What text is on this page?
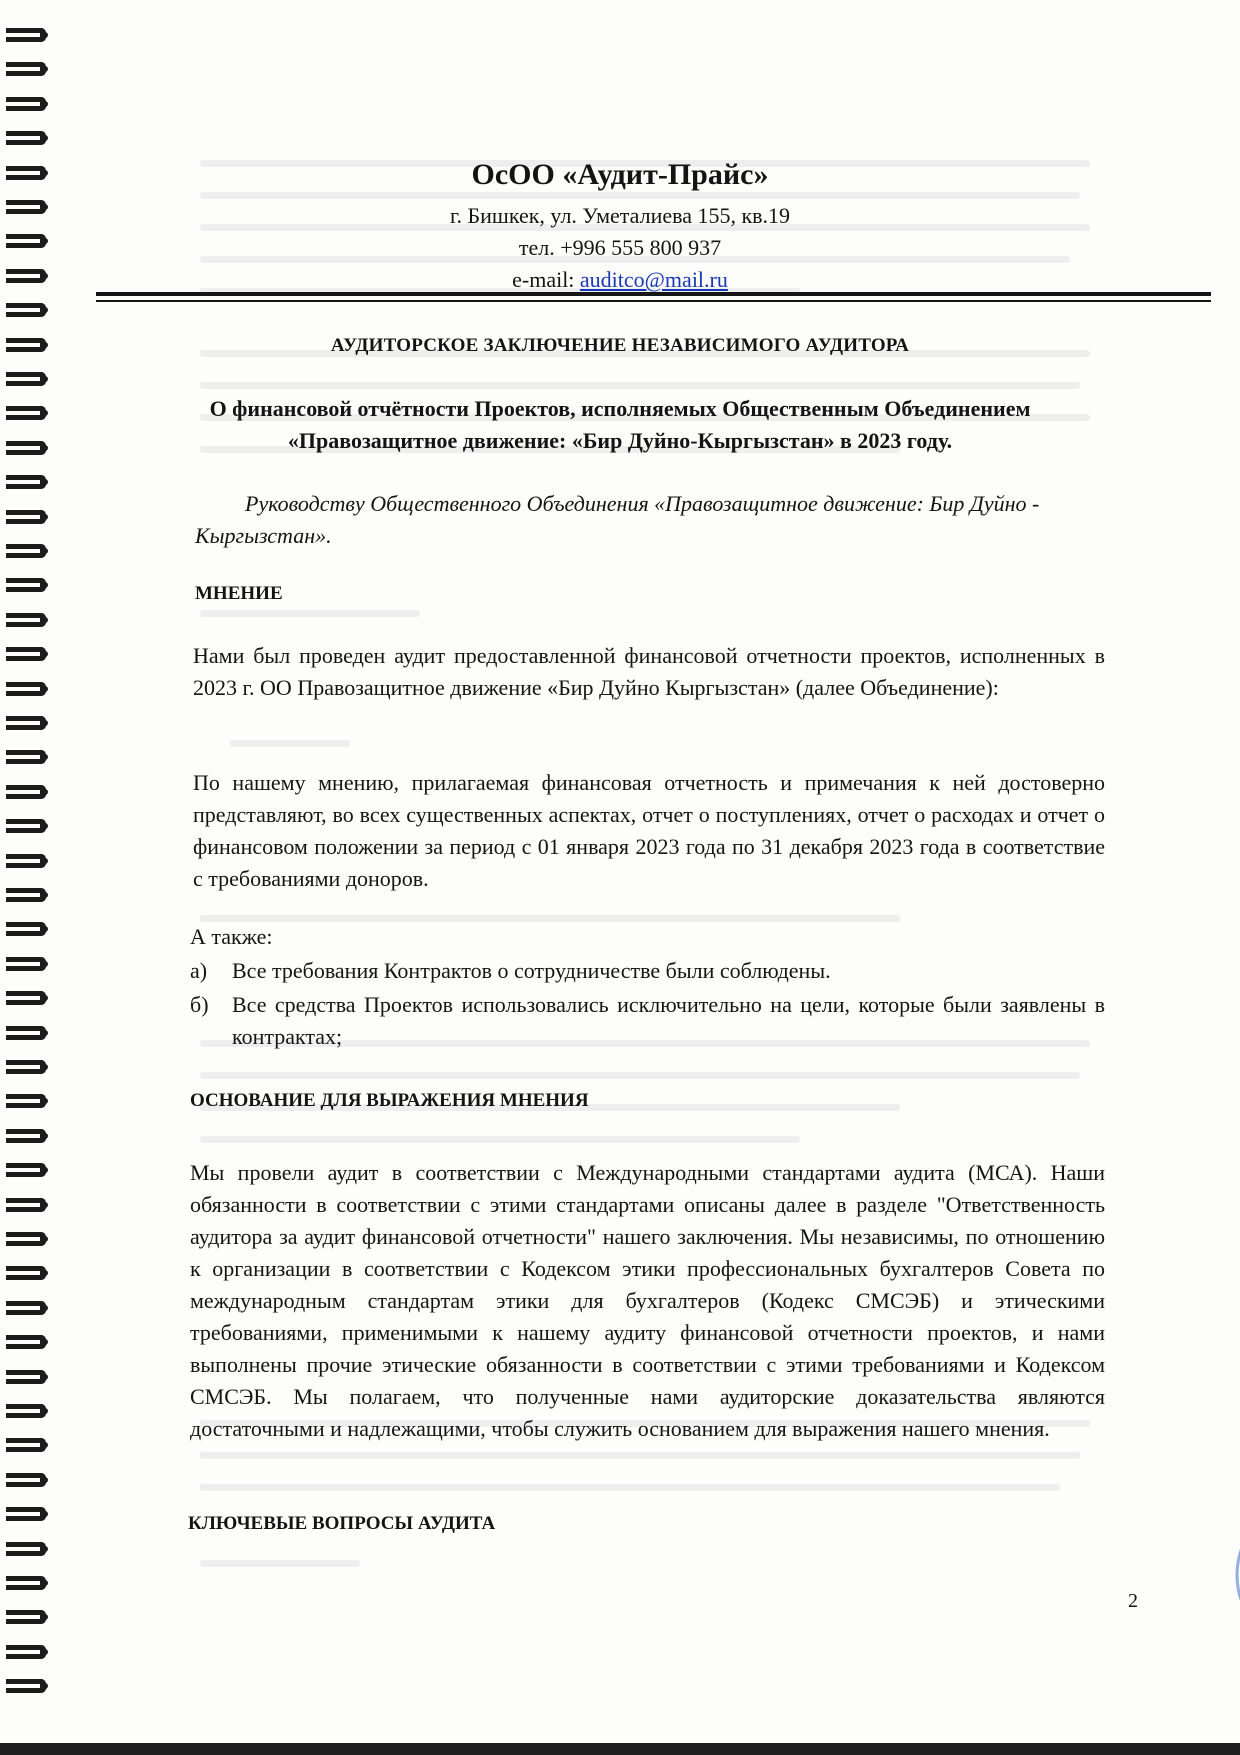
ОсОО «Аудит-Прайс»
г. Бишкек, ул. Уметалиева 155, кв.19
тел. +996 555 800 937
e-mail: auditco@mail.ru
АУДИТОРСКОЕ ЗАКЛЮЧЕНИЕ НЕЗАВИСИМОГО АУДИТОРА
О финансовой отчётности Проектов, исполняемых Общественным Объединением
«Правозащитное движение: «Бир Дуйно-Кыргызстан» в 2023 году.
Руководству Общественного Объединения «Правозащитное движение: Бир Дуйно - Кыргызстан».
МНЕНИЕ
Нами был проведен аудит предоставленной финансовой отчетности проектов, исполненных в 2023 г. ОО Правозащитное движение «Бир Дуйно Кыргызстан» (далее Объединение):
По нашему мнению, прилагаемая финансовая отчетность и примечания к ней достоверно представляют, во всех существенных аспектах, отчет о поступлениях, отчет о расходах и отчет о финансовом положении за период с 01 января 2023 года по 31 декабря 2023 года в соответствие с требованиями доноров.
А также:
а) Все требования Контрактов о сотрудничестве были соблюдены.
б) Все средства Проектов использовались исключительно на цели, которые были заявлены в контрактах;
ОСНОВАНИЕ ДЛЯ ВЫРАЖЕНИЯ МНЕНИЯ
Мы провели аудит в соответствии с Международными стандартами аудита (МСА). Наши обязанности в соответствии с этими стандартами описаны далее в разделе "Ответственность аудитора за аудит финансовой отчетности" нашего заключения. Мы независимы, по отношению к организации в соответствии с Кодексом этики профессиональных бухгалтеров Совета по международным стандартам этики для бухгалтеров (Кодекс СМСЭБ) и этическими требованиями, применимыми к нашему аудиту финансовой отчетности проектов, и нами выполнены прочие этические обязанности в соответствии с этими требованиями и Кодексом СМСЭБ. Мы полагаем, что полученные нами аудиторские доказательства являются достаточными и надлежащими, чтобы служить основанием для выражения нашего мнения.
КЛЮЧЕВЫЕ ВОПРОСЫ АУДИТА
2
